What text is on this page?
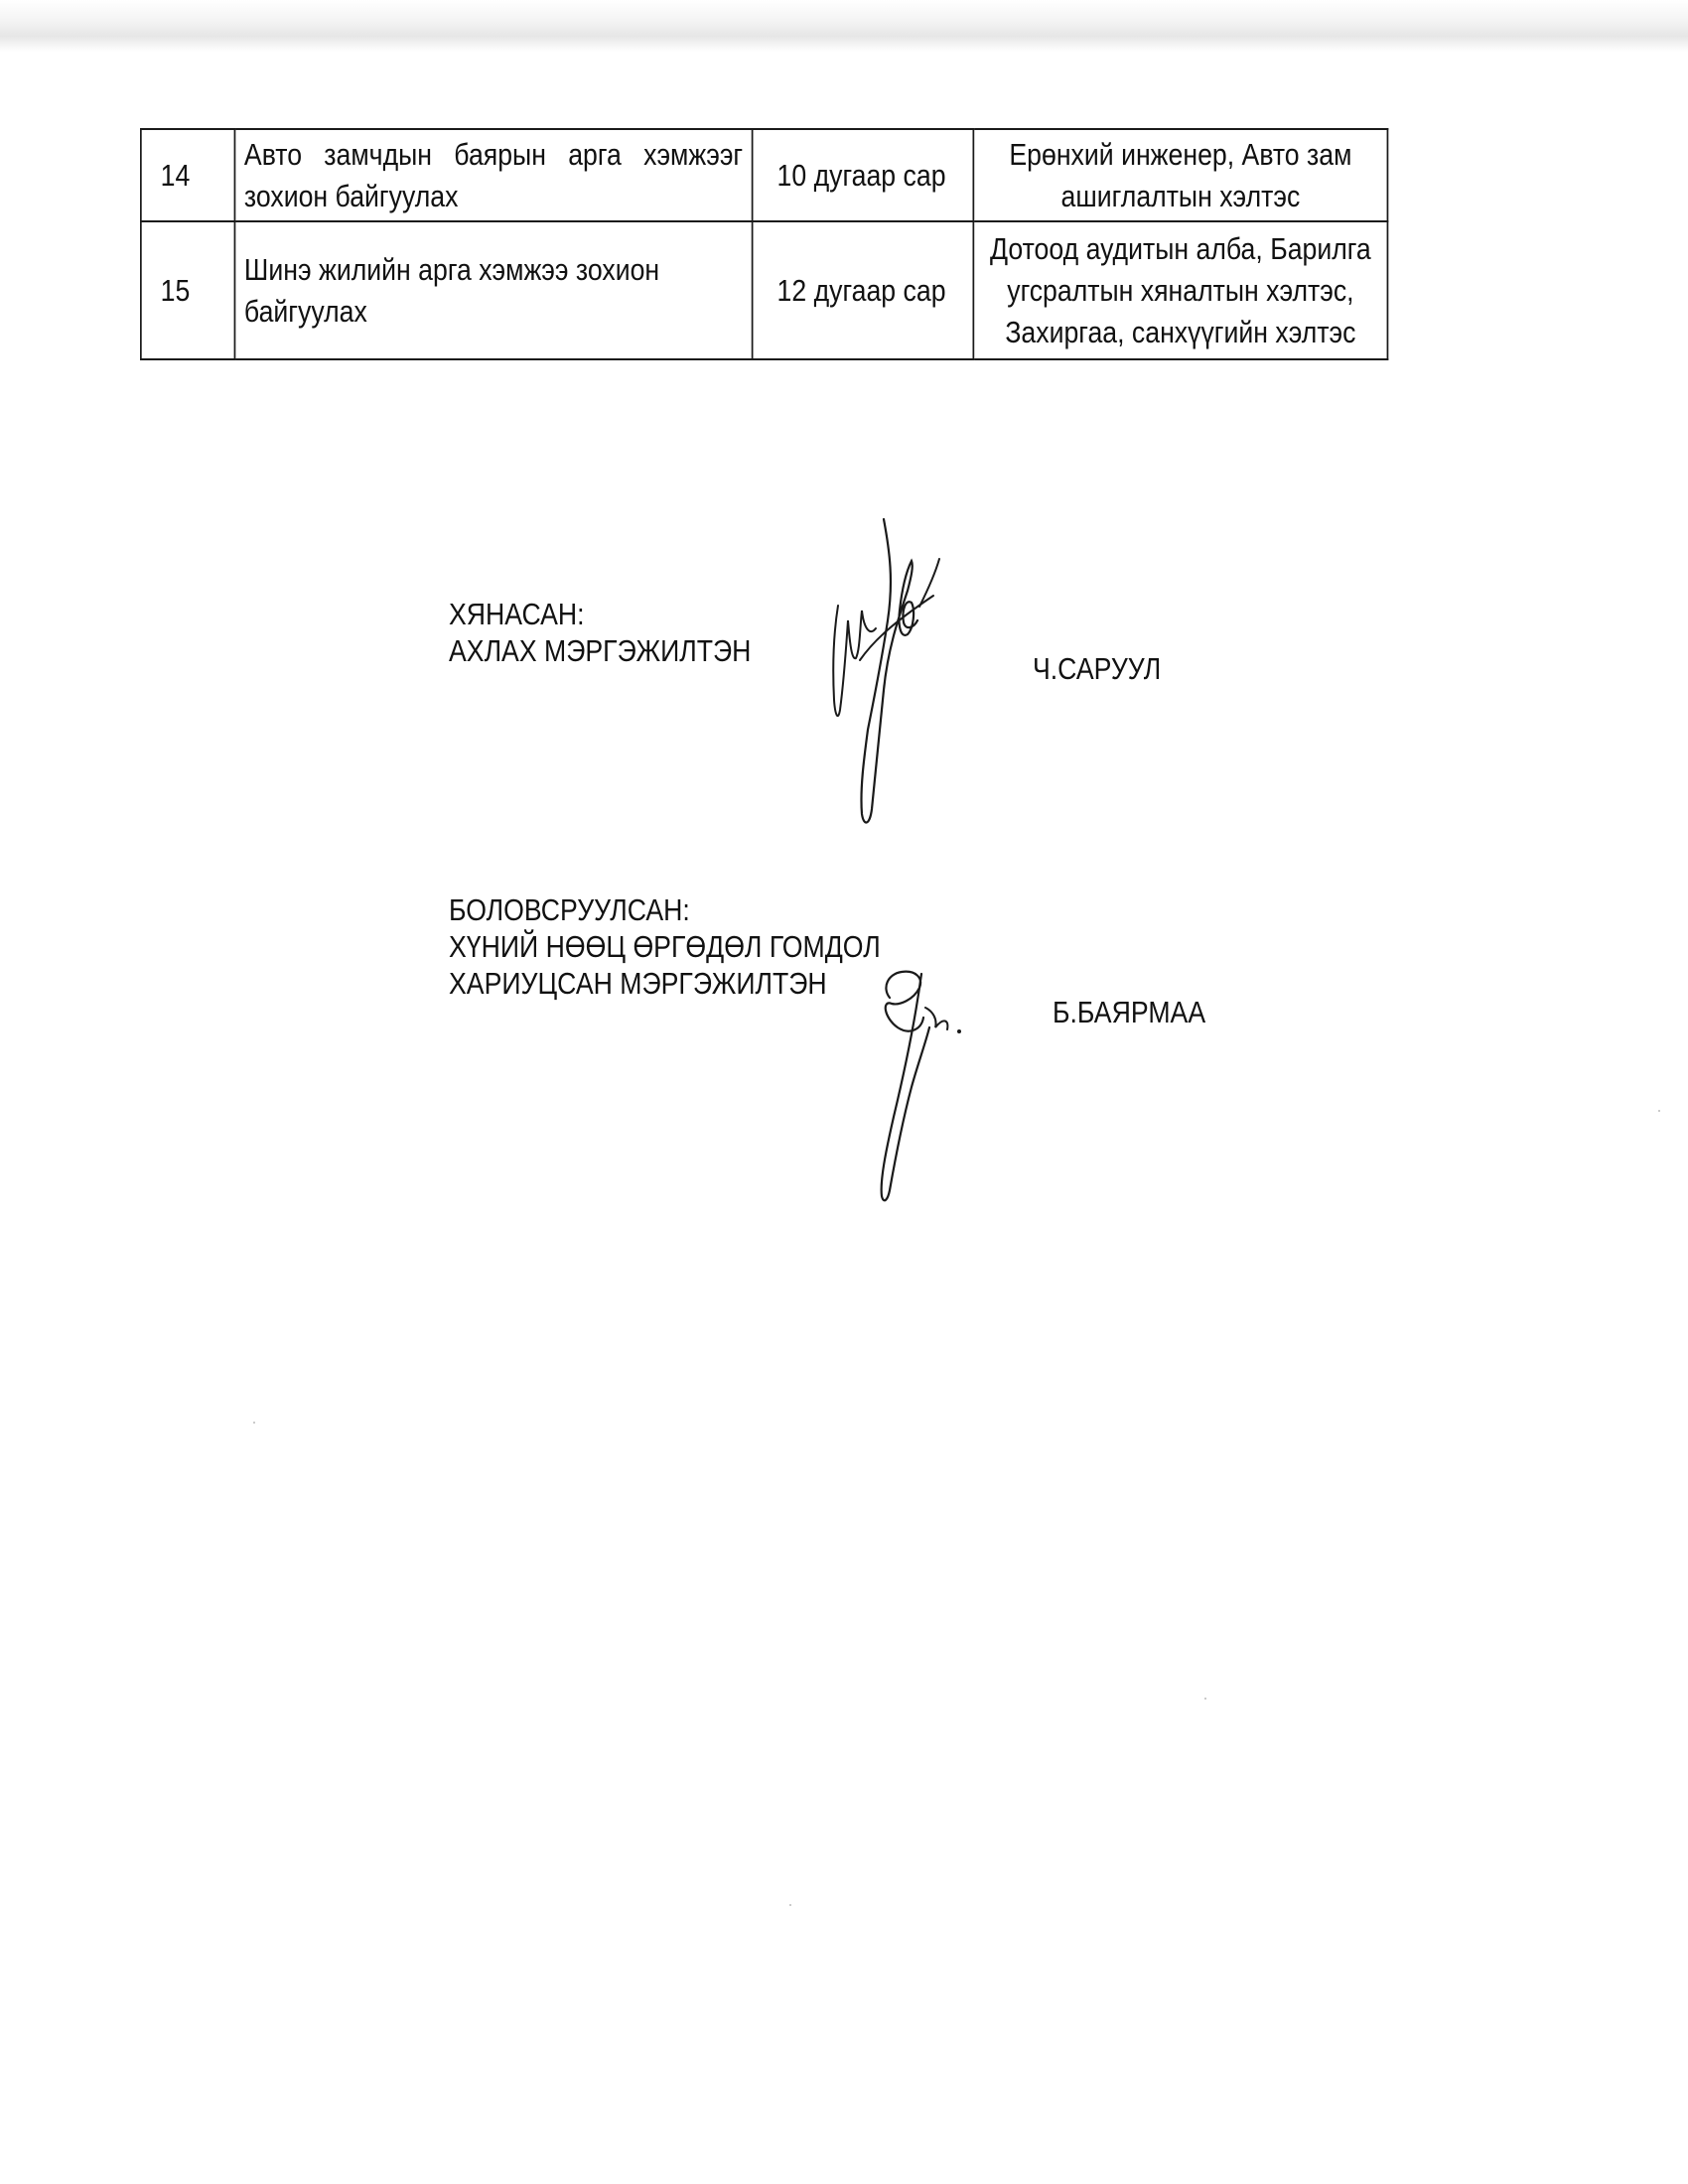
14	Авто замчдын баярын арга хэмжээг зохион байгуулах	10 дугаар сар	Ерөнхий инженер, Авто зам
ашиглалтын хэлтэс

15	Шинэ жилийн арга хэмжээ зохион байгуулах	12 дугаар сар	Дотоод аудитын алба, Барилга
угсралтын хяналтын хэлтэс,
Захиргаа, санхүүгийн хэлтэс
ХЯНАСАН:
АХЛАХ МЭРГЭЖИЛТЭН
Ч.САРУУЛ
БОЛОВСРУУЛСАН:
ХҮНИЙ НӨӨЦ ӨРГӨДӨЛ ГОМДОЛ
ХАРИУЦСАН МЭРГЭЖИЛТЭН
Б.БАЯРМАА
